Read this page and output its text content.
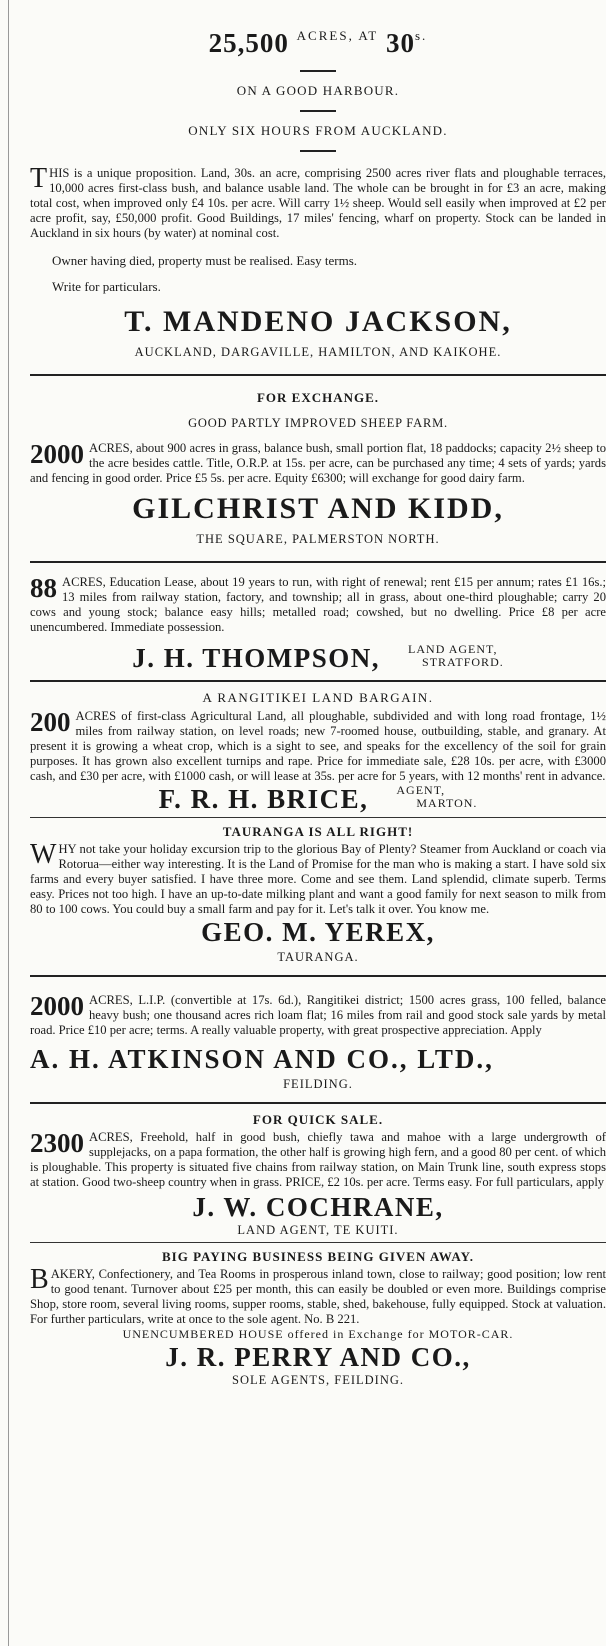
25,500 $^{ACRES, AT}$ $30^{s.}$
ON A GOOD HARBOUR.
ONLY SIX HOURS FROM AUCKLAND.

THIS is a unique proposition. Land, 30s. an acre, comprising 2500 acres river flats and ploughable terraces, 10,000 acres first-class bush, and balance usable land. The whole can be brought in for £3 an acre, making total cost, when improved only £4 10s. per acre. Will carry 1½ sheep. Would sell easily when improved at £2 per acre profit, say, £50,000 profit. Good Buildings, 17 miles' fencing, wharf on property. Stock can be landed in Auckland in six hours (by water) at nominal cost.

Owner having died, property must be realised. Easy terms.
Write for particulars.
T. MANDENO JACKSON,
AUCKLAND, DARGAVILLE, HAMILTON, AND KAIKOHE.
FOR EXCHANGE.
GOOD PARTLY IMPROVED SHEEP FARM.

2000 ACRES, about 900 acres in grass, balance bush, small portion flat, 18 paddocks; capacity 2½ sheep to the acre besides cattle. Title, O.R.P. at 15s. per acre, can be purchased any time; 4 sets of yards; yards and fencing in good order. Price £5 5s. per acre. Equity £6300; will exchange for good dairy farm.

GILCHRIST AND KIDD,
THE SQUARE, PALMERSTON NORTH.

88 ACRES, Education Lease, about 19 years to run, with right of renewal; rent £15 per annum; rates £1 16s.; 13 miles from railway station, factory, and township; all in grass, about one-third ploughable; carry 20 cows and young stock; balance easy hills; metalled road; cowshed, but no dwelling. Price £8 per acre unencumbered. Immediate possession.

J. H. THOMPSON, LAND AGENT,
STRATFORD.
A RANGITIKEI LAND BARGAIN.

200 ACRES of first-class Agricultural Land, all ploughable, subdivided and with long road frontage, 1½ miles from railway station, on level roads; new 7-roomed house, outbuilding, stable, and granary. At present it is growing a wheat crop, which is a sight to see, and speaks for the excellency of the soil for grain purposes. It has grown also excellent turnips and rape. Price for immediate sale, £28 10s. per acre, with £3000 cash, and £30 per acre, with £1000 cash, or will lease at 35s. per acre for 5 years, with 12 months' rent in advance.

F. R. H. BRICE, AGENT,
MARTON.
TAURANGA IS ALL RIGHT!

WHY not take your holiday excursion trip to the glorious Bay of Plenty? Steamer from Auckland or coach via Rotorua—either way interesting. It is the Land of Promise for the man who is making a start. I have sold six farms and every buyer satisfied. I have three more. Come and see them. Land splendid, climate superb. Terms easy. Prices not too high. I have an up-to-date milking plant and want a good family for next season to milk from 80 to 100 cows. You could buy a small farm and pay for it. Let's talk it over. You know me.

GEO. M. YEREX,
TAURANGA.

2000 ACRES, L.I.P. (convertible at 17s. 6d.), Rangitikei district; 1500 acres grass, 100 felled, balance heavy bush; one thousand acres rich loam flat; 16 miles from rail and good stock sale yards by metal road. Price £10 per acre; terms. A really valuable property, with great prospective appreciation. Apply

A. H. ATKINSON AND CO., LTD.,
FEILDING.
FOR QUICK SALE.

2300 ACRES, Freehold, half in good bush, chiefly tawa and mahoe with a large undergrowth of supplejacks, on a papa formation, the other half is growing high fern, and a good 80 per cent. of which is ploughable. This property is situated five chains from railway station, on Main Trunk line, south express stops at station. Good two-sheep country when in grass. PRICE, £2 10s. per acre. Terms easy. For full particulars, apply

J. W. COCHRANE,
LAND AGENT, TE KUITI.
BIG PAYING BUSINESS BEING GIVEN AWAY.

BAKERY, Confectionery, and Tea Rooms in prosperous inland town, close to railway; good position; low rent to good tenant. Turnover about £25 per month, this can easily be doubled or even more. Buildings comprise Shop, store room, several living rooms, supper rooms, stable, shed, bakehouse, fully equipped. Stock at valuation. For further particulars, write at once to the sole agent. No. B 221.

UNENCUMBERED HOUSE offered in Exchange for MOTOR-CAR.
J. R. PERRY AND CO.,
SOLE AGENTS, FEILDING.
